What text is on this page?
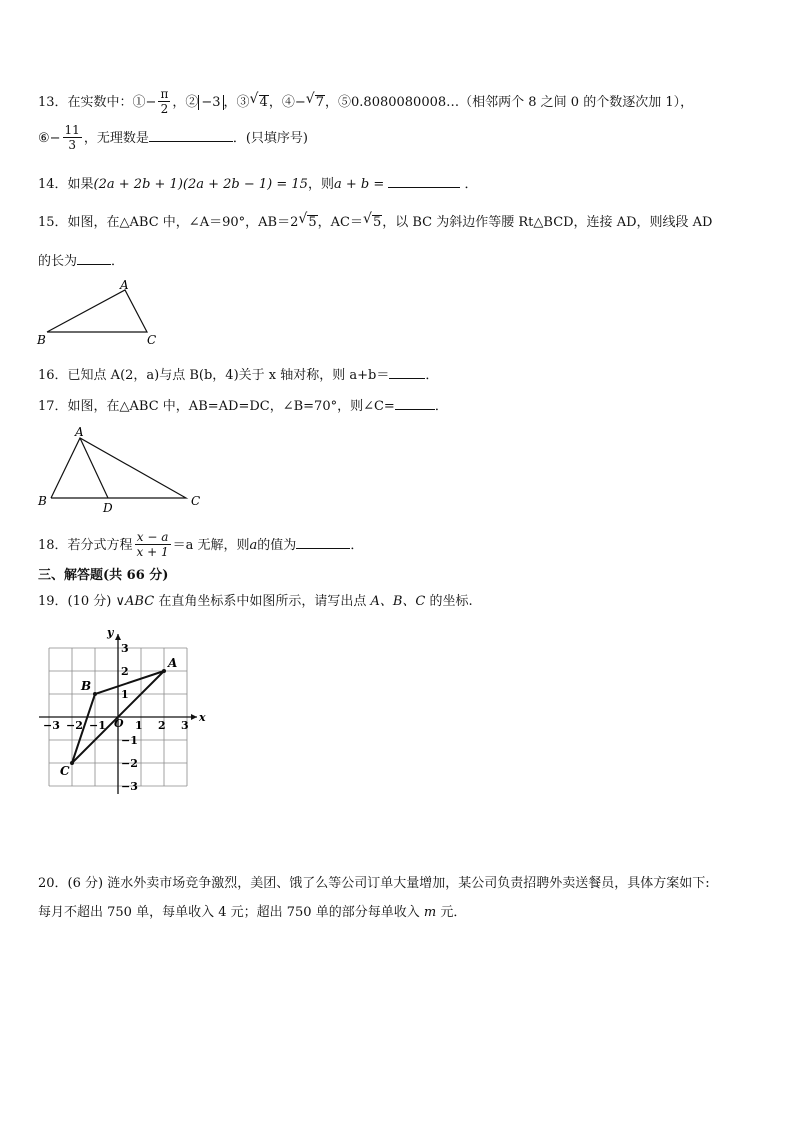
13．在实数中：①− $\frac{\pi}{2}$ ，② −3 ，③ √ 4，④− √ 7，⑤0.8080080008…（相邻两个 8 之间 0 的个数逐次加 1），
⑥− $\frac{11}{3}$ ，无理数是	．(只填序号)
14．如果(2a + 2b + 1)(2a + 2b − 1) = 15，则a + b =	．
15．如图，在△ABC 中，∠A＝90°，AB＝2 √ 5，AC＝ √ 5，以 BC 为斜边作等腰 Rt△BCD，连接 AD，则线段 AD
的长为	．
A
B	C
16．已知点 A(2，a)与点 B(b，4)关于 x 轴对称，则 a+b＝	．
17．如图，在△ABC 中，AB=AD=DC，∠B=70°，则∠C=	．
A
B	D	C
18．若分式方程 $\frac{x - a}{x + 1} =a$ 无解，则a的值为	．
三、解答题(共 66 分)
19．(10 分) ∨ABC 在直角坐标系中如图所示，请写出点 A、B、C 的坐标.
x
y
O
−3 −2 −1	1 2 3
3
2
1
−1
−2
−3
A
B
C
20．(6 分) 涟水外卖市场竞争激烈，美团、饿了么等公司订单大量增加，某公司负责招聘外卖送餐员，具体方案如下:
每月不超出 750 单，每单收入 4 元；超出 750 单的部分每单收入 m 元．
